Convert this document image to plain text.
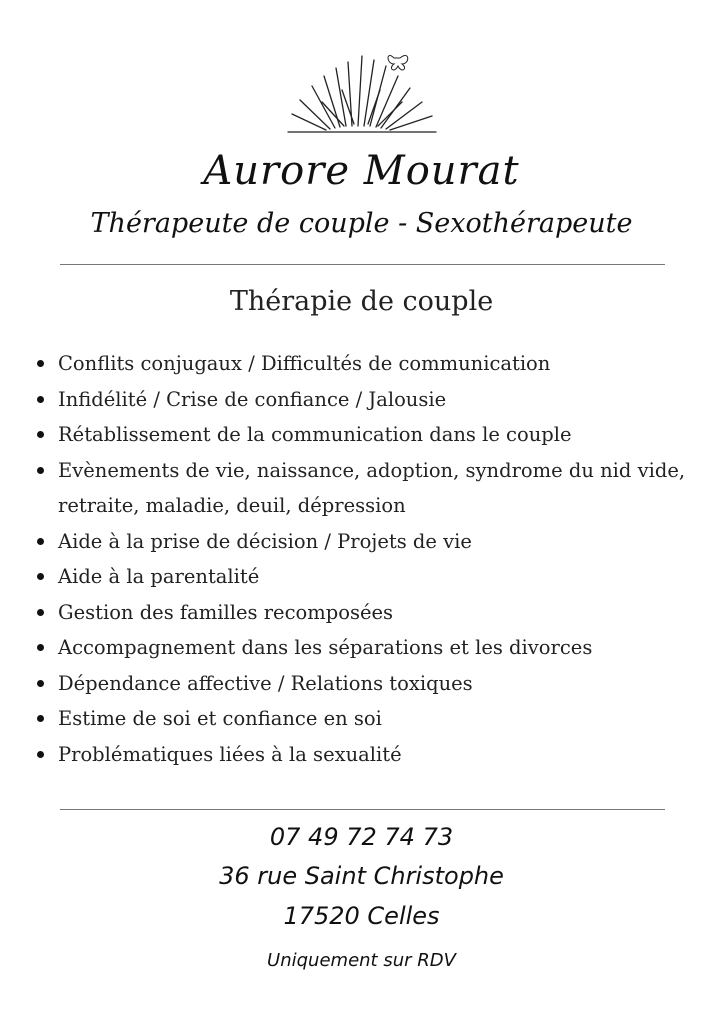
Aurore Mourat
Thérapeute de couple - Sexothérapeute
Thérapie de couple
Conflits conjugaux / Difficultés de communication
Infidélité / Crise de confiance / Jalousie
Rétablissement de la communication dans le couple
Evènements de vie, naissance, adoption, syndrome du nid vide, retraite, maladie, deuil, dépression
Aide à la prise de décision / Projets de vie
Aide à la parentalité
Gestion des familles recomposées
Accompagnement dans les séparations et les divorces
Dépendance affective / Relations toxiques
Estime de soi et confiance en soi
Problématiques liées à la sexualité
07 49 72 74 73
36 rue Saint Christophe
17520 Celles
Uniquement sur RDV
